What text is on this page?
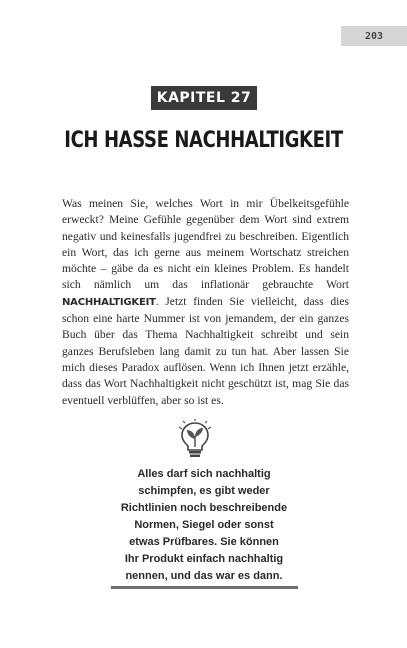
203
KAPITEL 27
ICH HASSE NACHHALTIGKEIT

Was meinen Sie, welches Wort in mir Übelkeitsgefühle erweckt? Meine Gefühle gegenüber dem Wort sind extrem negativ und keinesfalls jugendfrei zu beschreiben. Eigentlich ein Wort, das ich gerne aus meinem Wortschatz streichen möchte – gäbe da es nicht ein kleines Problem. Es handelt sich nämlich um das inflationär gebrauchte Wort NACHHALTIGKEIT. Jetzt finden Sie vielleicht, dass dies schon eine harte Nummer ist von jemandem, der ein ganzes Buch über das Thema Nachhaltigkeit schreibt und sein ganzes Berufsleben lang damit zu tun hat. Aber lassen Sie mich dieses Paradox auflösen. Wenn ich Ihnen jetzt erzähle, dass das Wort Nachhaltigkeit nicht geschützt ist, mag Sie das eventuell verblüffen, aber so ist es.

Alles darf sich nachhaltig
schimpfen, es gibt weder
Richtlinien noch beschreibende
Normen, Siegel oder sonst
etwas Prüfbares. Sie können
Ihr Produkt einfach nachhaltig
nennen, und das war es dann.
